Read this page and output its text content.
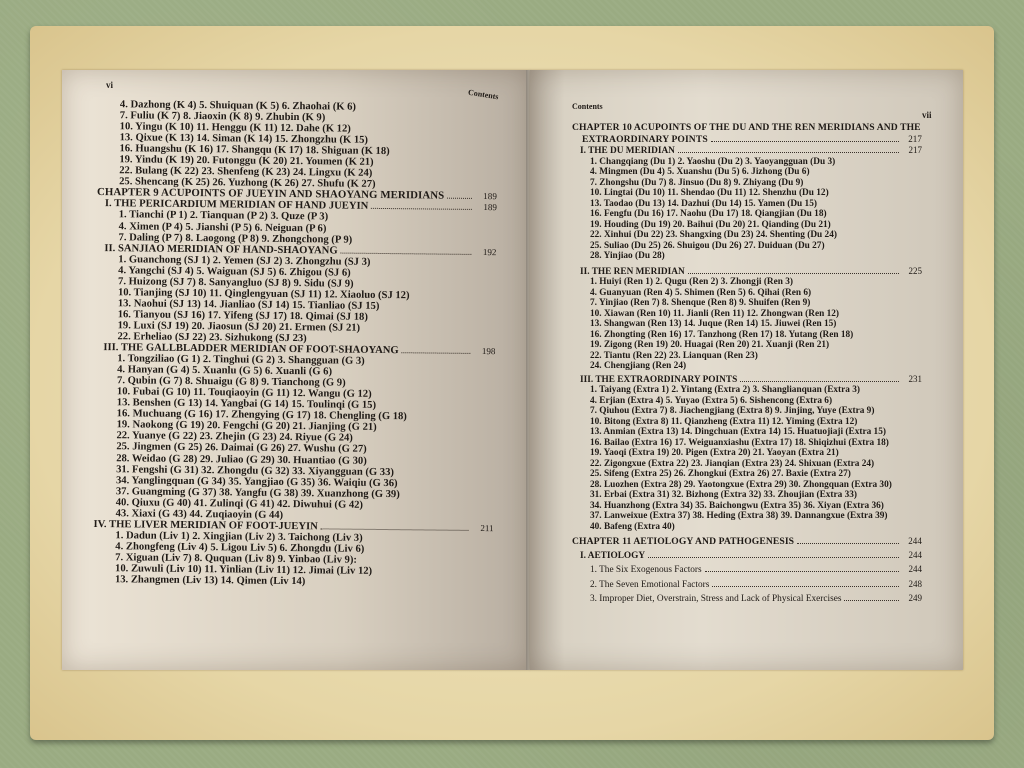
vi
Contents
4. Dazhong (K 4) 5. Shuiquan (K 5) 6. Zhaohai (K 6)
7. Fuliu (K 7) 8. Jiaoxin (K 8) 9. Zhubin (K 9)
10. Yingu (K 10) 11. Henggu (K 11) 12. Dahe (K 12)
13. Qixue (K 13) 14. Siman (K 14) 15. Zhongzhu (K 15)
16. Huangshu (K 16) 17. Shangqu (K 17) 18. Shiguan (K 18)
19. Yindu (K 19) 20. Futonggu (K 20) 21. Youmen (K 21)
22. Bulang (K 22) 23. Shenfeng (K 23) 24. Lingxu (K 24)
25. Shencang (K 25) 26. Yuzhong (K 26) 27. Shufu (K 27)
CHAPTER 9 ACUPOINTS OF JUEYIN AND SHAOYANG MERIDIANS	189
I. THE PERICARDIUM MERIDIAN OF HAND JUEYIN	189
1. Tianchi (P 1) 2. Tianquan (P 2) 3. Quze (P 3)
4. Ximen (P 4) 5. Jianshi (P 5) 6. Neiguan (P 6)
7. Daling (P 7) 8. Laogong (P 8) 9. Zhongchong (P 9)
II. SANJIAO MERIDIAN OF HAND-SHAOYANG	192
1. Guanchong (SJ 1) 2. Yemen (SJ 2) 3. Zhongzhu (SJ 3)
4. Yangchi (SJ 4) 5. Waiguan (SJ 5) 6. Zhigou (SJ 6)
7. Huizong (SJ 7) 8. Sanyangluo (SJ 8) 9. Sidu (SJ 9)
10. Tianjing (SJ 10) 11. Qinglengyuan (SJ 11) 12. Xiaoluo (SJ 12)
13. Naohui (SJ 13) 14. Jianliao (SJ 14) 15. Tianliao (SJ 15)
16. Tianyou (SJ 16) 17. Yifeng (SJ 17) 18. Qimai (SJ 18)
19. Luxi (SJ 19) 20. Jiaosun (SJ 20) 21. Ermen (SJ 21)
22. Erheliao (SJ 22) 23. Sizhukong (SJ 23)
III. THE GALLBLADDER MERIDIAN OF FOOT-SHAOYANG	198
1. Tongziliao (G 1) 2. Tinghui (G 2) 3. Shangguan (G 3)
4. Hanyan (G 4) 5. Xuanlu (G 5) 6. Xuanli (G 6)
7. Qubin (G 7) 8. Shuaigu (G 8) 9. Tianchong (G 9)
10. Fubai (G 10) 11. Touqiaoyin (G 11) 12. Wangu (G 12)
13. Benshen (G 13) 14. Yangbai (G 14) 15. Toulinqi (G 15)
16. Muchuang (G 16) 17. Zhengying (G 17) 18. Chengling (G 18)
19. Naokong (G 19) 20. Fengchi (G 20) 21. Jianjing (G 21)
22. Yuanye (G 22) 23. Zhejin (G 23) 24. Riyue (G 24)
25. Jingmen (G 25) 26. Daimai (G 26) 27. Wushu (G 27)
28. Weidao (G 28) 29. Juliao (G 29) 30. Huantiao (G 30)
31. Fengshi (G 31) 32. Zhongdu (G 32) 33. Xiyangguan (G 33)
34. Yanglingquan (G 34) 35. Yangjiao (G 35) 36. Waiqiu (G 36)
37. Guangming (G 37) 38. Yangfu (G 38) 39. Xuanzhong (G 39)
40. Qiuxu (G 40) 41. Zulinqi (G 41) 42. Diwuhui (G 42)
43. Xiaxi (G 43) 44. Zuqiaoyin (G 44)
IV. THE LIVER MERIDIAN OF FOOT-JUEYIN	211
1. Dadun (Liv 1) 2. Xingjian (Liv 2) 3. Taichong (Liv 3)
4. Zhongfeng (Liv 4) 5. Ligou Liv 5) 6. Zhongdu (Liv 6)
7. Xiguan (Liv 7) 8. Ququan (Liv 8) 9. Yinbao (Liv 9):
10. Zuwuli (Liv 10) 11. Yinlian (Liv 11) 12. Jimai (Liv 12)
13. Zhangmen (Liv 13) 14. Qimen (Liv 14)
Contents
vii
CHAPTER 10 ACUPOINTS OF THE DU AND THE REN MERIDIANS AND THE
EXTRAORDINARY POINTS	217
I. THE DU MERIDIAN	217
1. Changqiang (Du 1) 2. Yaoshu (Du 2) 3. Yaoyangguan (Du 3)
4. Mingmen (Du 4) 5. Xuanshu (Du 5) 6. Jizhong (Du 6)
7. Zhongshu (Du 7) 8. Jinsuo (Du 8) 9. Zhiyang (Du 9)
10. Lingtai (Du 10) 11. Shendao (Du 11) 12. Shenzhu (Du 12)
13. Taodao (Du 13) 14. Dazhui (Du 14) 15. Yamen (Du 15)
16. Fengfu (Du 16) 17. Naohu (Du 17) 18. Qiangjian (Du 18)
19. Houding (Du 19) 20. Baihui (Du 20) 21. Qianding (Du 21)
22. Xinhui (Du 22) 23. Shangxing (Du 23) 24. Shenting (Du 24)
25. Suliao (Du 25) 26. Shuigou (Du 26) 27. Duiduan (Du 27)
28. Yinjiao (Du 28)
II. THE REN MERIDIAN	225
1. Huiyi (Ren 1) 2. Qugu (Ren 2) 3. Zhongji (Ren 3)
4. Guanyuan (Ren 4) 5. Shimen (Ren 5) 6. Qihai (Ren 6)
7. Yinjiao (Ren 7) 8. Shenque (Ren 8) 9. Shuifen (Ren 9)
10. Xiawan (Ren 10) 11. Jianli (Ren 11) 12. Zhongwan (Ren 12)
13. Shangwan (Ren 13) 14. Juque (Ren 14) 15. Jiuwei (Ren 15)
16. Zhongting (Ren 16) 17. Tanzhong (Ren 17) 18. Yutang (Ren 18)
19. Zigong (Ren 19) 20. Huagai (Ren 20) 21. Xuanji (Ren 21)
22. Tiantu (Ren 22) 23. Lianquan (Ren 23)
24. Chengjiang (Ren 24)
III. THE EXTRAORDINARY POINTS	231
1. Taiyang (Extra 1) 2. Yintang (Extra 2) 3. Shanglianquan (Extra 3)
4. Erjian (Extra 4) 5. Yuyao (Extra 5) 6. Sishencong (Extra 6)
7. Qiuhou (Extra 7) 8. Jiachengjiang (Extra 8) 9. Jinjing, Yuye (Extra 9)
10. Bitong (Extra 8) 11. Qianzheng (Extra 11) 12. Yiming (Extra 12)
13. Anmian (Extra 13) 14. Dingchuan (Extra 14) 15. Huatuojiaji (Extra 15)
16. Bailao (Extra 16) 17. Weiguanxiashu (Extra 17) 18. Shiqizhui (Extra 18)
19. Yaoqi (Extra 19) 20. Pigen (Extra 20) 21. Yaoyan (Extra 21)
22. Zigongxue (Extra 22) 23. Jianqian (Extra 23) 24. Shixuan (Extra 24)
25. Sifeng (Extra 25) 26. Zhongkui (Extra 26) 27. Baxie (Extra 27)
28. Luozhen (Extra 28) 29. Yaotongxue (Extra 29) 30. Zhongquan (Extra 30)
31. Erbai (Extra 31) 32. Bizhong (Extra 32) 33. Zhoujian (Extra 33)
34. Huanzhong (Extra 34) 35. Baichongwu (Extra 35) 36. Xiyan (Extra 36)
37. Lanweixue (Extra 37) 38. Heding (Extra 38) 39. Dannangxue (Extra 39)
40. Bafeng (Extra 40)
CHAPTER 11 AETIOLOGY AND PATHOGENESIS	244
I. AETIOLOGY	244
1. The Six Exogenous Factors	244
2. The Seven Emotional Factors	248
3. Improper Diet, Overstrain, Stress and Lack of Physical Exercises	249
